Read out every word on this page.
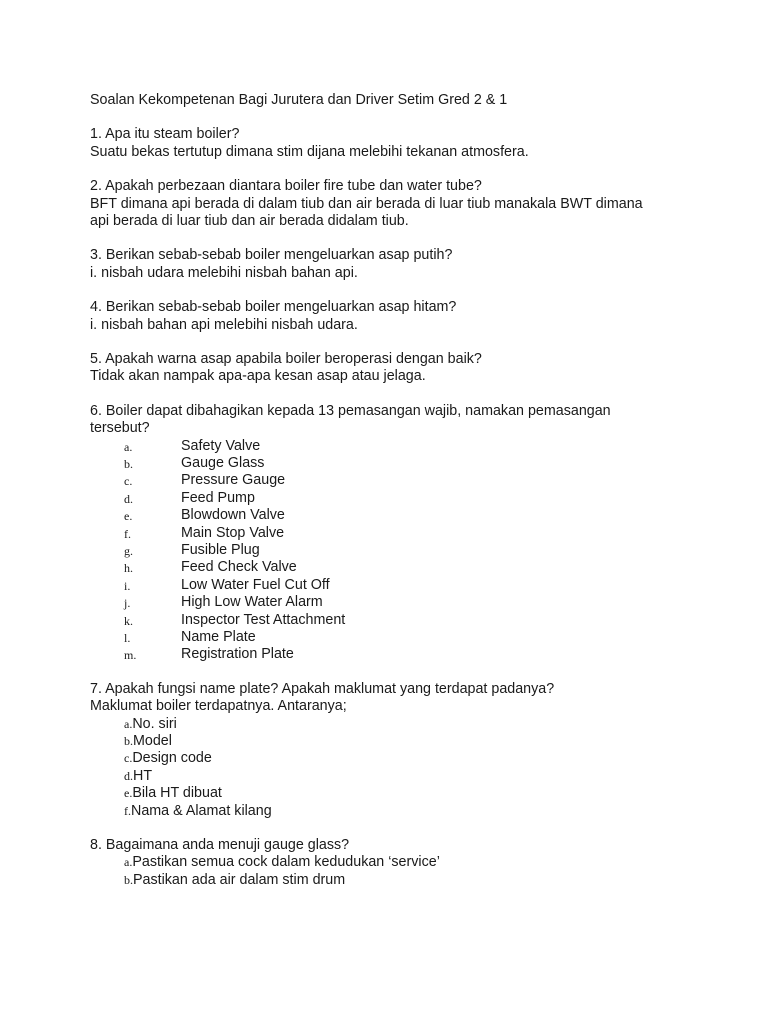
Soalan Kekompetenan Bagi Jurutera dan Driver Setim Gred 2 & 1
1. Apa itu steam boiler?
Suatu bekas tertutup dimana stim dijana melebihi tekanan atmosfera.
2. Apakah perbezaan diantara boiler fire tube dan water tube?
BFT dimana api berada di dalam tiub dan air berada di luar tiub manakala BWT dimana
api berada di luar tiub dan air berada didalam tiub.
3. Berikan sebab-sebab boiler mengeluarkan asap putih?
i. nisbah udara melebihi nisbah bahan api.
4. Berikan sebab-sebab boiler mengeluarkan asap hitam?
i. nisbah bahan api melebihi nisbah udara.
5. Apakah warna asap apabila boiler beroperasi dengan baik?
Tidak akan nampak apa-apa kesan asap atau jelaga.
6. Boiler dapat dibahagikan kepada 13 pemasangan wajib, namakan pemasangan
tersebut?
a.	Safety Valve
b.	Gauge Glass
c.	Pressure Gauge
d.	Feed Pump
e.	Blowdown Valve
f.	Main Stop Valve
g.	Fusible Plug
h.	Feed Check Valve
i.	Low Water Fuel Cut Off
j.	High Low Water Alarm
k.	Inspector Test Attachment
l.	Name Plate
m.	Registration Plate
7. Apakah fungsi name plate? Apakah maklumat yang terdapat padanya?
Maklumat boiler terdapatnya. Antaranya;
a.No. siri
b.Model
c.Design code
d.HT
e.Bila HT dibuat
f.Nama & Alamat kilang
8. Bagaimana anda menuji gauge glass?
a.Pastikan semua cock dalam kedudukan ‘service’
b.Pastikan ada air dalam stim drum
